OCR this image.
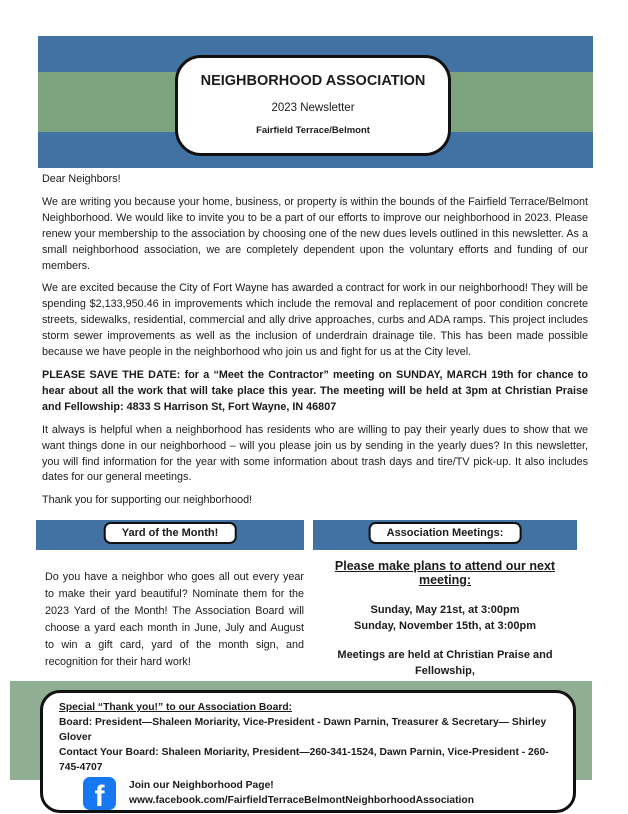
NEIGHBORHOOD ASSOCIATION
2023 Newsletter
Fairfield Terrace/Belmont

Dear Neighbors!

We are writing you because your home, business, or property is within the bounds of the Fairfield Terrace/Belmont Neighborhood. We would like to invite you to be a part of our efforts to improve our neighborhood in 2023. Please renew your membership to the association by choosing one of the new dues levels outlined in this newsletter. As a small neighborhood association, we are completely dependent upon the voluntary efforts and funding of our members.

We are excited because the City of Fort Wayne has awarded a contract for work in our neighborhood! They will be spending $2,133,950.46 in improvements which include the removal and replacement of poor condition concrete streets, sidewalks, residential, commercial and ally drive approaches, curbs and ADA ramps. This project includes storm sewer improvements as well as the inclusion of underdrain drainage tile. This has been made possible because we have people in the neighborhood who join us and fight for us at the City level.

PLEASE SAVE THE DATE: for a “Meet the Contractor” meeting on SUNDAY, MARCH 19th for chance to hear about all the work that will take place this year. The meeting will be held at 3pm at Christian Praise and Fellowship: 4833 S Harrison St, Fort Wayne, IN 46807

It always is helpful when a neighborhood has residents who are willing to pay their yearly dues to show that we want things done in our neighborhood – will you please join us by sending in the yearly dues? In this newsletter, you will find information for the year with some information about trash days and tire/TV pick-up. It also includes dates for our general meetings.

Thank you for supporting our neighborhood!

Yard of the Month!

Do you have a neighbor who goes all out every year to make their yard beautiful? Nominate them for the 2023 Yard of the Month! The Association Board will choose a yard each month in June, July and August to win a gift card, yard of the month sign, and recognition for their hard work!

Association Meetings:

Please make plans to attend our next meeting:

Sunday, May 21st, at 3:00pm
Sunday, November 15th, at 3:00pm
Meetings are held at Christian Praise and Fellowship,

Special “Thank you!” to our Association Board:

Board: President—Shaleen Moriarity, Vice-President - Dawn Parnin, Treasurer & Secretary— Shirley Glover

Contact Your Board: Shaleen Moriarity, President—260-341-1524, Dawn Parnin, Vice-President - 260-745-4707

f	Join our Neighborhood Page! www.facebook.com/FairfieldTerraceBelmontNeighborhoodAssociation
